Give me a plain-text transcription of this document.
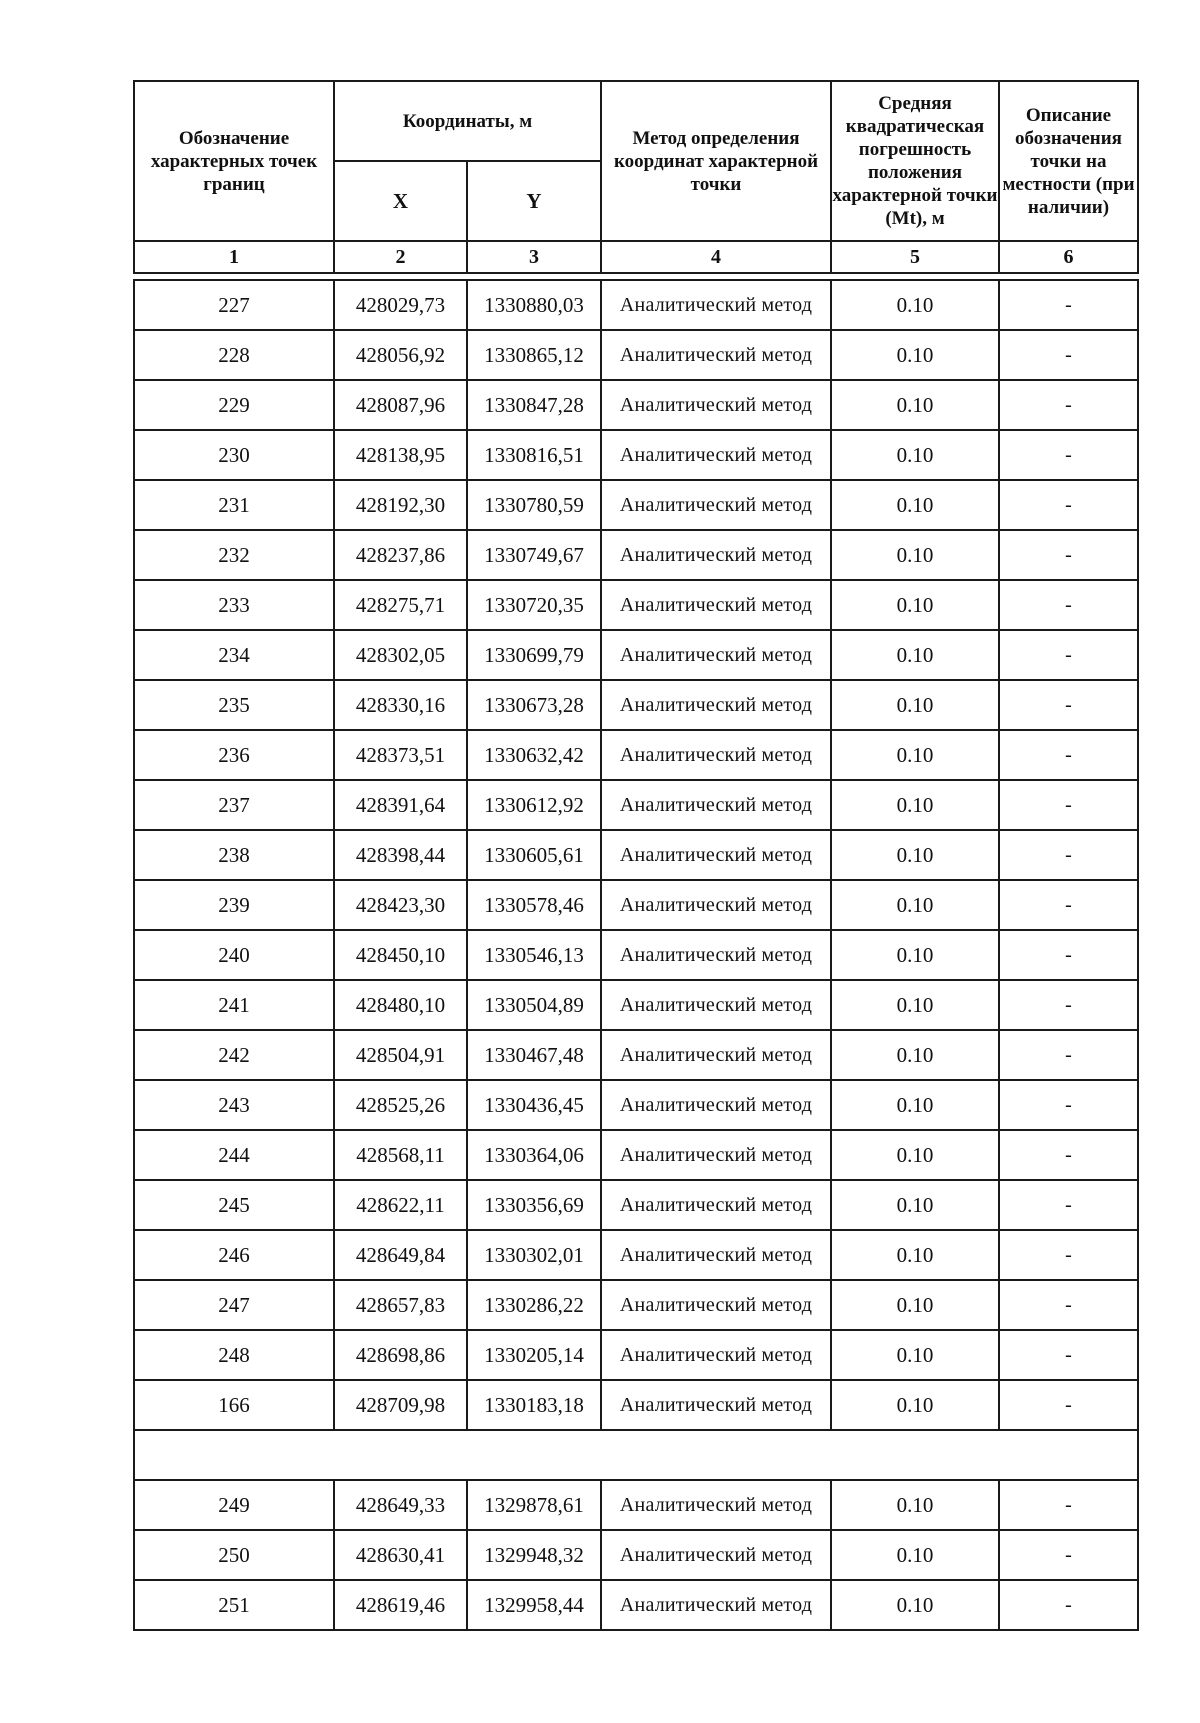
Обозначение характерных точек границ	Координаты, м		Метод определения координат характерной точки	Средняя квадратическая погрешность положения характерной точки (Mt), м	Описание обозначения точки на местности (при наличии)
	X	Y			
1	2	3	4	5	6

227	428029,73	1330880,03	Аналитический метод	0.10	-
228	428056,92	1330865,12	Аналитический метод	0.10	-
229	428087,96	1330847,28	Аналитический метод	0.10	-
230	428138,95	1330816,51	Аналитический метод	0.10	-
231	428192,30	1330780,59	Аналитический метод	0.10	-
232	428237,86	1330749,67	Аналитический метод	0.10	-
233	428275,71	1330720,35	Аналитический метод	0.10	-
234	428302,05	1330699,79	Аналитический метод	0.10	-
235	428330,16	1330673,28	Аналитический метод	0.10	-
236	428373,51	1330632,42	Аналитический метод	0.10	-
237	428391,64	1330612,92	Аналитический метод	0.10	-
238	428398,44	1330605,61	Аналитический метод	0.10	-
239	428423,30	1330578,46	Аналитический метод	0.10	-
240	428450,10	1330546,13	Аналитический метод	0.10	-
241	428480,10	1330504,89	Аналитический метод	0.10	-
242	428504,91	1330467,48	Аналитический метод	0.10	-
243	428525,26	1330436,45	Аналитический метод	0.10	-
244	428568,11	1330364,06	Аналитический метод	0.10	-
245	428622,11	1330356,69	Аналитический метод	0.10	-
246	428649,84	1330302,01	Аналитический метод	0.10	-
247	428657,83	1330286,22	Аналитический метод	0.10	-
248	428698,86	1330205,14	Аналитический метод	0.10	-
166	428709,98	1330183,18	Аналитический метод	0.10	-

249	428649,33	1329878,61	Аналитический метод	0.10	-
250	428630,41	1329948,32	Аналитический метод	0.10	-
251	428619,46	1329958,44	Аналитический метод	0.10	-
